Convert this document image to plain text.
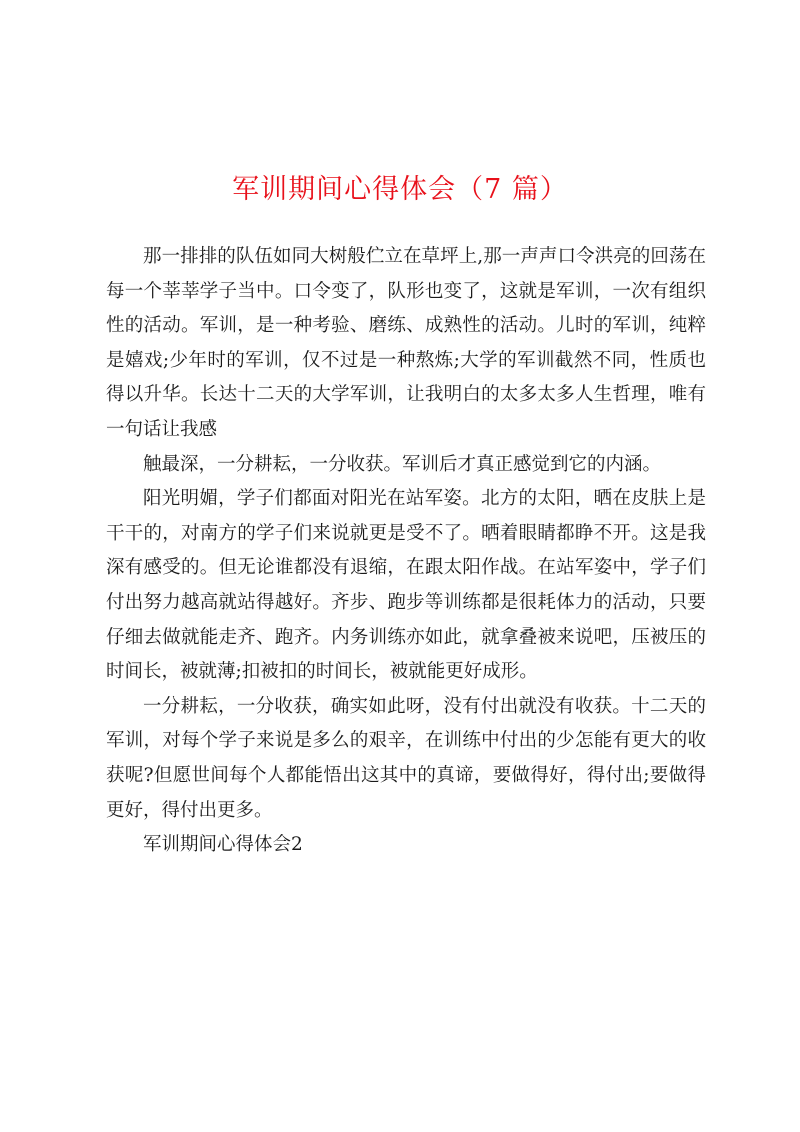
军训期间心得体会（7 篇）

那一排排的队伍如同大树般伫立在草坪上,那一声声口令洪亮的回荡在每一个莘莘学子当中。口令变了，队形也变了，这就是军训，一次有组织性的活动。军训，是一种考验、磨练、成熟性的活动。儿时的军训，纯粹是嬉戏;少年时的军训，仅不过是一种熬炼;大学的军训截然不同，性质也得以升华。长达十二天的大学军训，让我明白的太多太多人生哲理，唯有一句话让我感

触最深，一分耕耘，一分收获。军训后才真正感觉到它的内涵。

阳光明媚，学子们都面对阳光在站军姿。北方的太阳，晒在皮肤上是干干的，对南方的学子们来说就更是受不了。晒着眼睛都睁不开。这是我深有感受的。但无论谁都没有退缩，在跟太阳作战。在站军姿中，学子们付出努力越高就站得越好。齐步、跑步等训练都是很耗体力的活动，只要仔细去做就能走齐、跑齐。内务训练亦如此，就拿叠被来说吧，压被压的时间长，被就薄;扣被扣的时间长，被就能更好成形。

一分耕耘，一分收获，确实如此呀，没有付出就没有收获。十二天的军训，对每个学子来说是多么的艰辛，在训练中付出的少怎能有更大的收获呢?但愿世间每个人都能悟出这其中的真谛，要做得好，得付出;要做得更好，得付出更多。

军训期间心得体会2
